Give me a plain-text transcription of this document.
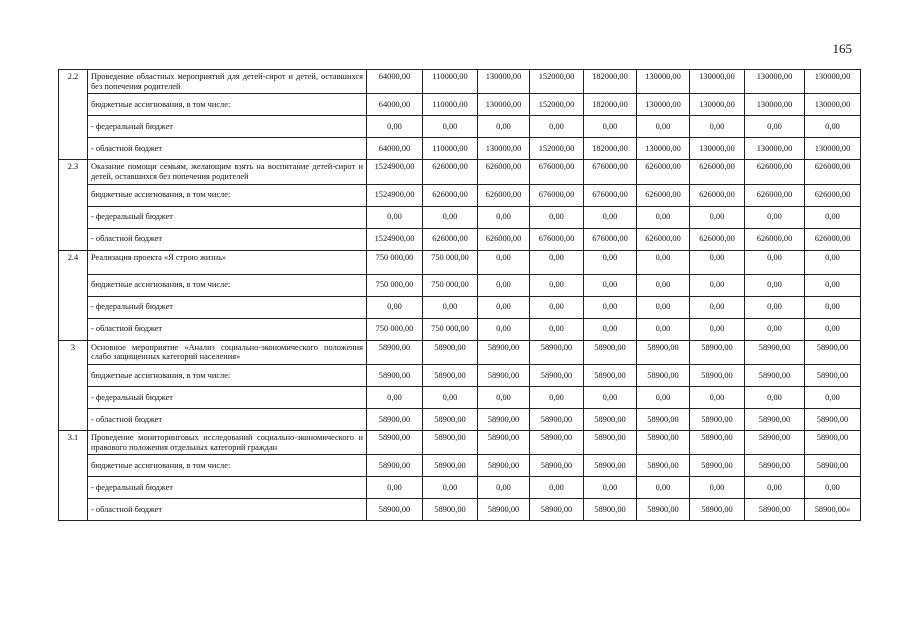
165
2.2	Проведение областных мероприятий для детей-сирот и детей, оставшихся без попечения родителей	64000,00	110000,00	130000,00	152000,00	182000,00	130000,00	130000,00	130000,00	130000,00
	бюджетные ассигнования, в том числе:	64000,00	110000,00	130000,00	152000,00	182000,00	130000,00	130000,00	130000,00	130000,00
	- федеральный бюджет	0,00	0,00	0,00	0,00	0,00	0,00	0,00	0,00	0,00
	- областной бюджет	64000,00	110000,00	130000,00	152000,00	182000,00	130000,00	130000,00	130000,00	130000,00
2.3	Оказание помощи семьям, желающим взять на воспитание детей-сирот и детей, оставшихся без попечения родителей	1524900,00	626000,00	626000,00	676000,00	676000,00	626000,00	626000,00	626000,00	626000,00
	бюджетные ассигнования, в том числе:	1524900,00	626000,00	626000,00	676000,00	676000,00	626000,00	626000,00	626000,00	626000,00
	- федеральный бюджет	0,00	0,00	0,00	0,00	0,00	0,00	0,00	0,00	0,00
	- областной бюджет	1524900,00	626000,00	626000,00	676000,00	676000,00	626000,00	626000,00	626000,00	626000,00
2.4	Реализация проекта «Я строю жизнь»	750 000,00	750 000,00	0,00	0,00	0,00	0,00	0,00	0,00	0,00
	бюджетные ассигнования, в том числе:	750 000,00	750 000,00	0,00	0,00	0,00	0,00	0,00	0,00	0,00
	- федеральный бюджет	0,00	0,00	0,00	0,00	0,00	0,00	0,00	0,00	0,00
	- областной бюджет	750 000,00	750 000,00	0,00	0,00	0,00	0,00	0,00	0,00	0,00
3	Основное мероприятие «Анализ социально-экономического положения слабо защищенных категорий населения»	58900,00	58900,00	58900,00	58900,00	58900,00	58900,00	58900,00	58900,00	58900,00
	бюджетные ассигнования, в том числе:	58900,00	58900,00	58900,00	58900,00	58900,00	58900,00	58900,00	58900,00	58900,00
	- федеральный бюджет	0,00	0,00	0,00	0,00	0,00	0,00	0,00	0,00	0,00
	- областной бюджет	58900,00	58900,00	58900,00	58900,00	58900,00	58900,00	58900,00	58900,00	58900,00
3.1	Проведение мониторинговых исследований социально-экономического и правового положения отдельных категорий граждан	58900,00	58900,00	58900,00	58900,00	58900,00	58900,00	58900,00	58900,00	58900,00
	бюджетные ассигнования, в том числе:	58900,00	58900,00	58900,00	58900,00	58900,00	58900,00	58900,00	58900,00	58900,00
	- федеральный бюджет	0,00	0,00	0,00	0,00	0,00	0,00	0,00	0,00	0,00
	- областной бюджет	58900,00	58900,00	58900,00	58900,00	58900,00	58900,00	58900,00	58900,00	58900,00»
